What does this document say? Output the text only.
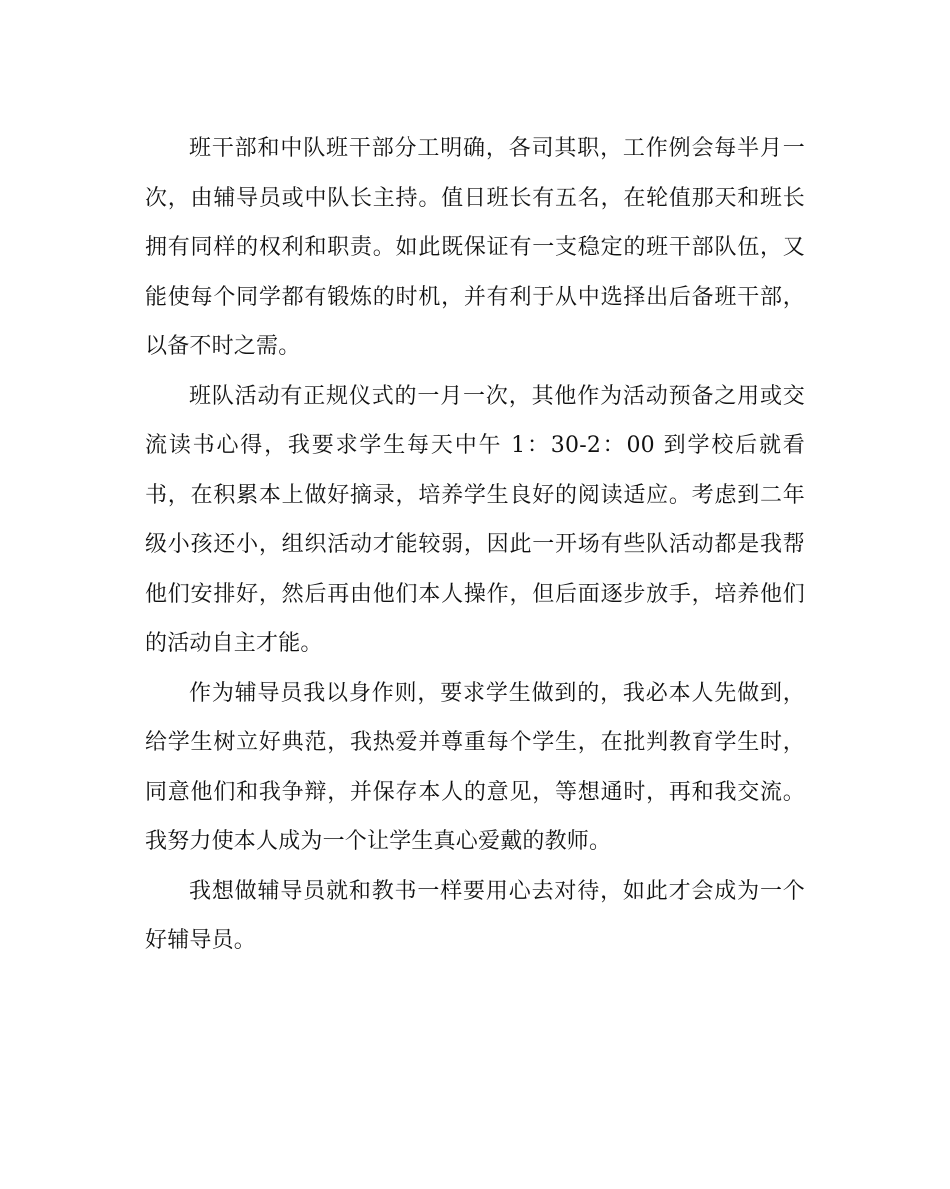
班干部和中队班干部分工明确，各司其职，工作例会每半月一次，由辅导员或中队长主持。值日班长有五名，在轮值那天和班长拥有同样的权利和职责。如此既保证有一支稳定的班干部队伍，又能使每个同学都有锻炼的时机，并有利于从中选择出后备班干部，以备不时之需。

班队活动有正规仪式的一月一次，其他作为活动预备之用或交流读书心得，我要求学生每天中午 1：30-2：00 到学校后就看书，在积累本上做好摘录，培养学生良好的阅读适应。考虑到二年级小孩还小，组织活动才能较弱，因此一开场有些队活动都是我帮他们安排好，然后再由他们本人操作，但后面逐步放手，培养他们的活动自主才能。

作为辅导员我以身作则，要求学生做到的，我必本人先做到，给学生树立好典范，我热爱并尊重每个学生，在批判教育学生时，同意他们和我争辩，并保存本人的意见，等想通时，再和我交流。我努力使本人成为一个让学生真心爱戴的教师。

我想做辅导员就和教书一样要用心去对待，如此才会成为一个好辅导员。
